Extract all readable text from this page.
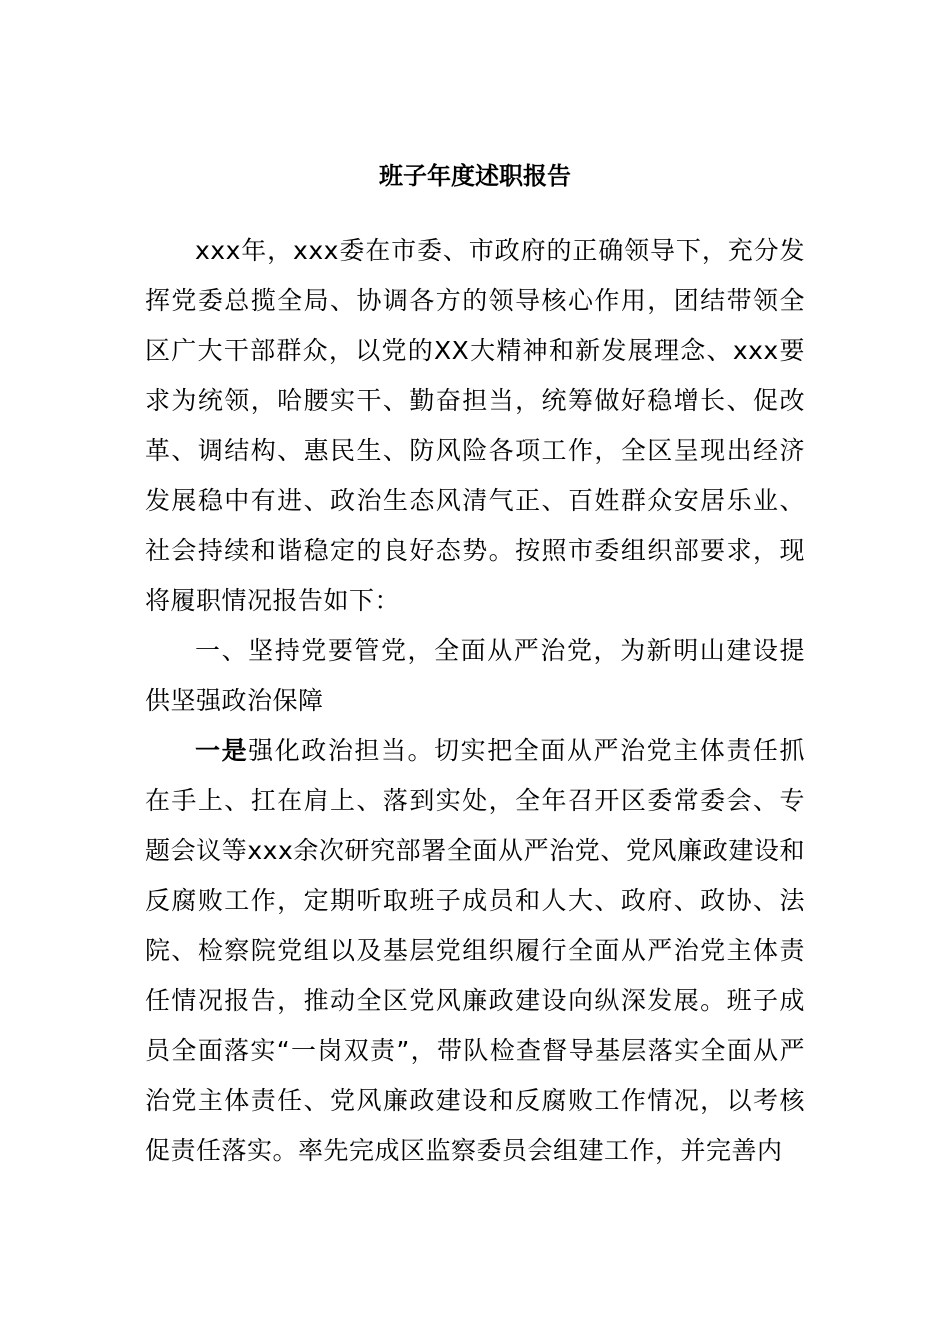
班子年度述职报告

xxx年，xxx委在市委、市政府的正确领导下，充分发挥党委总揽全局、协调各方的领导核心作用，团结带领全区广大干部群众，以党的XX大精神和新发展理念、xxx要求为统领，哈腰实干、勤奋担当，统筹做好稳增长、促改革、调结构、惠民生、防风险各项工作，全区呈现出经济发展稳中有进、政治生态风清气正、百姓群众安居乐业、社会持续和谐稳定的良好态势。按照市委组织部要求，现将履职情况报告如下：

一、坚持党要管党，全面从严治党，为新明山建设提供坚强政治保障

一是强化政治担当。切实把全面从严治党主体责任抓在手上、扛在肩上、落到实处，全年召开区委常委会、专题会议等xxx余次研究部署全面从严治党、党风廉政建设和反腐败工作，定期听取班子成员和人大、政府、政协、法院、检察院党组以及基层党组织履行全面从严治党主体责任情况报告，推动全区党风廉政建设向纵深发展。班子成员全面落实“一岗双责”，带队检查督导基层落实全面从严治党主体责任、党风廉政建设和反腐败工作情况，以考核促责任落实。率先完成区监察委员会组建工作，并完善内
